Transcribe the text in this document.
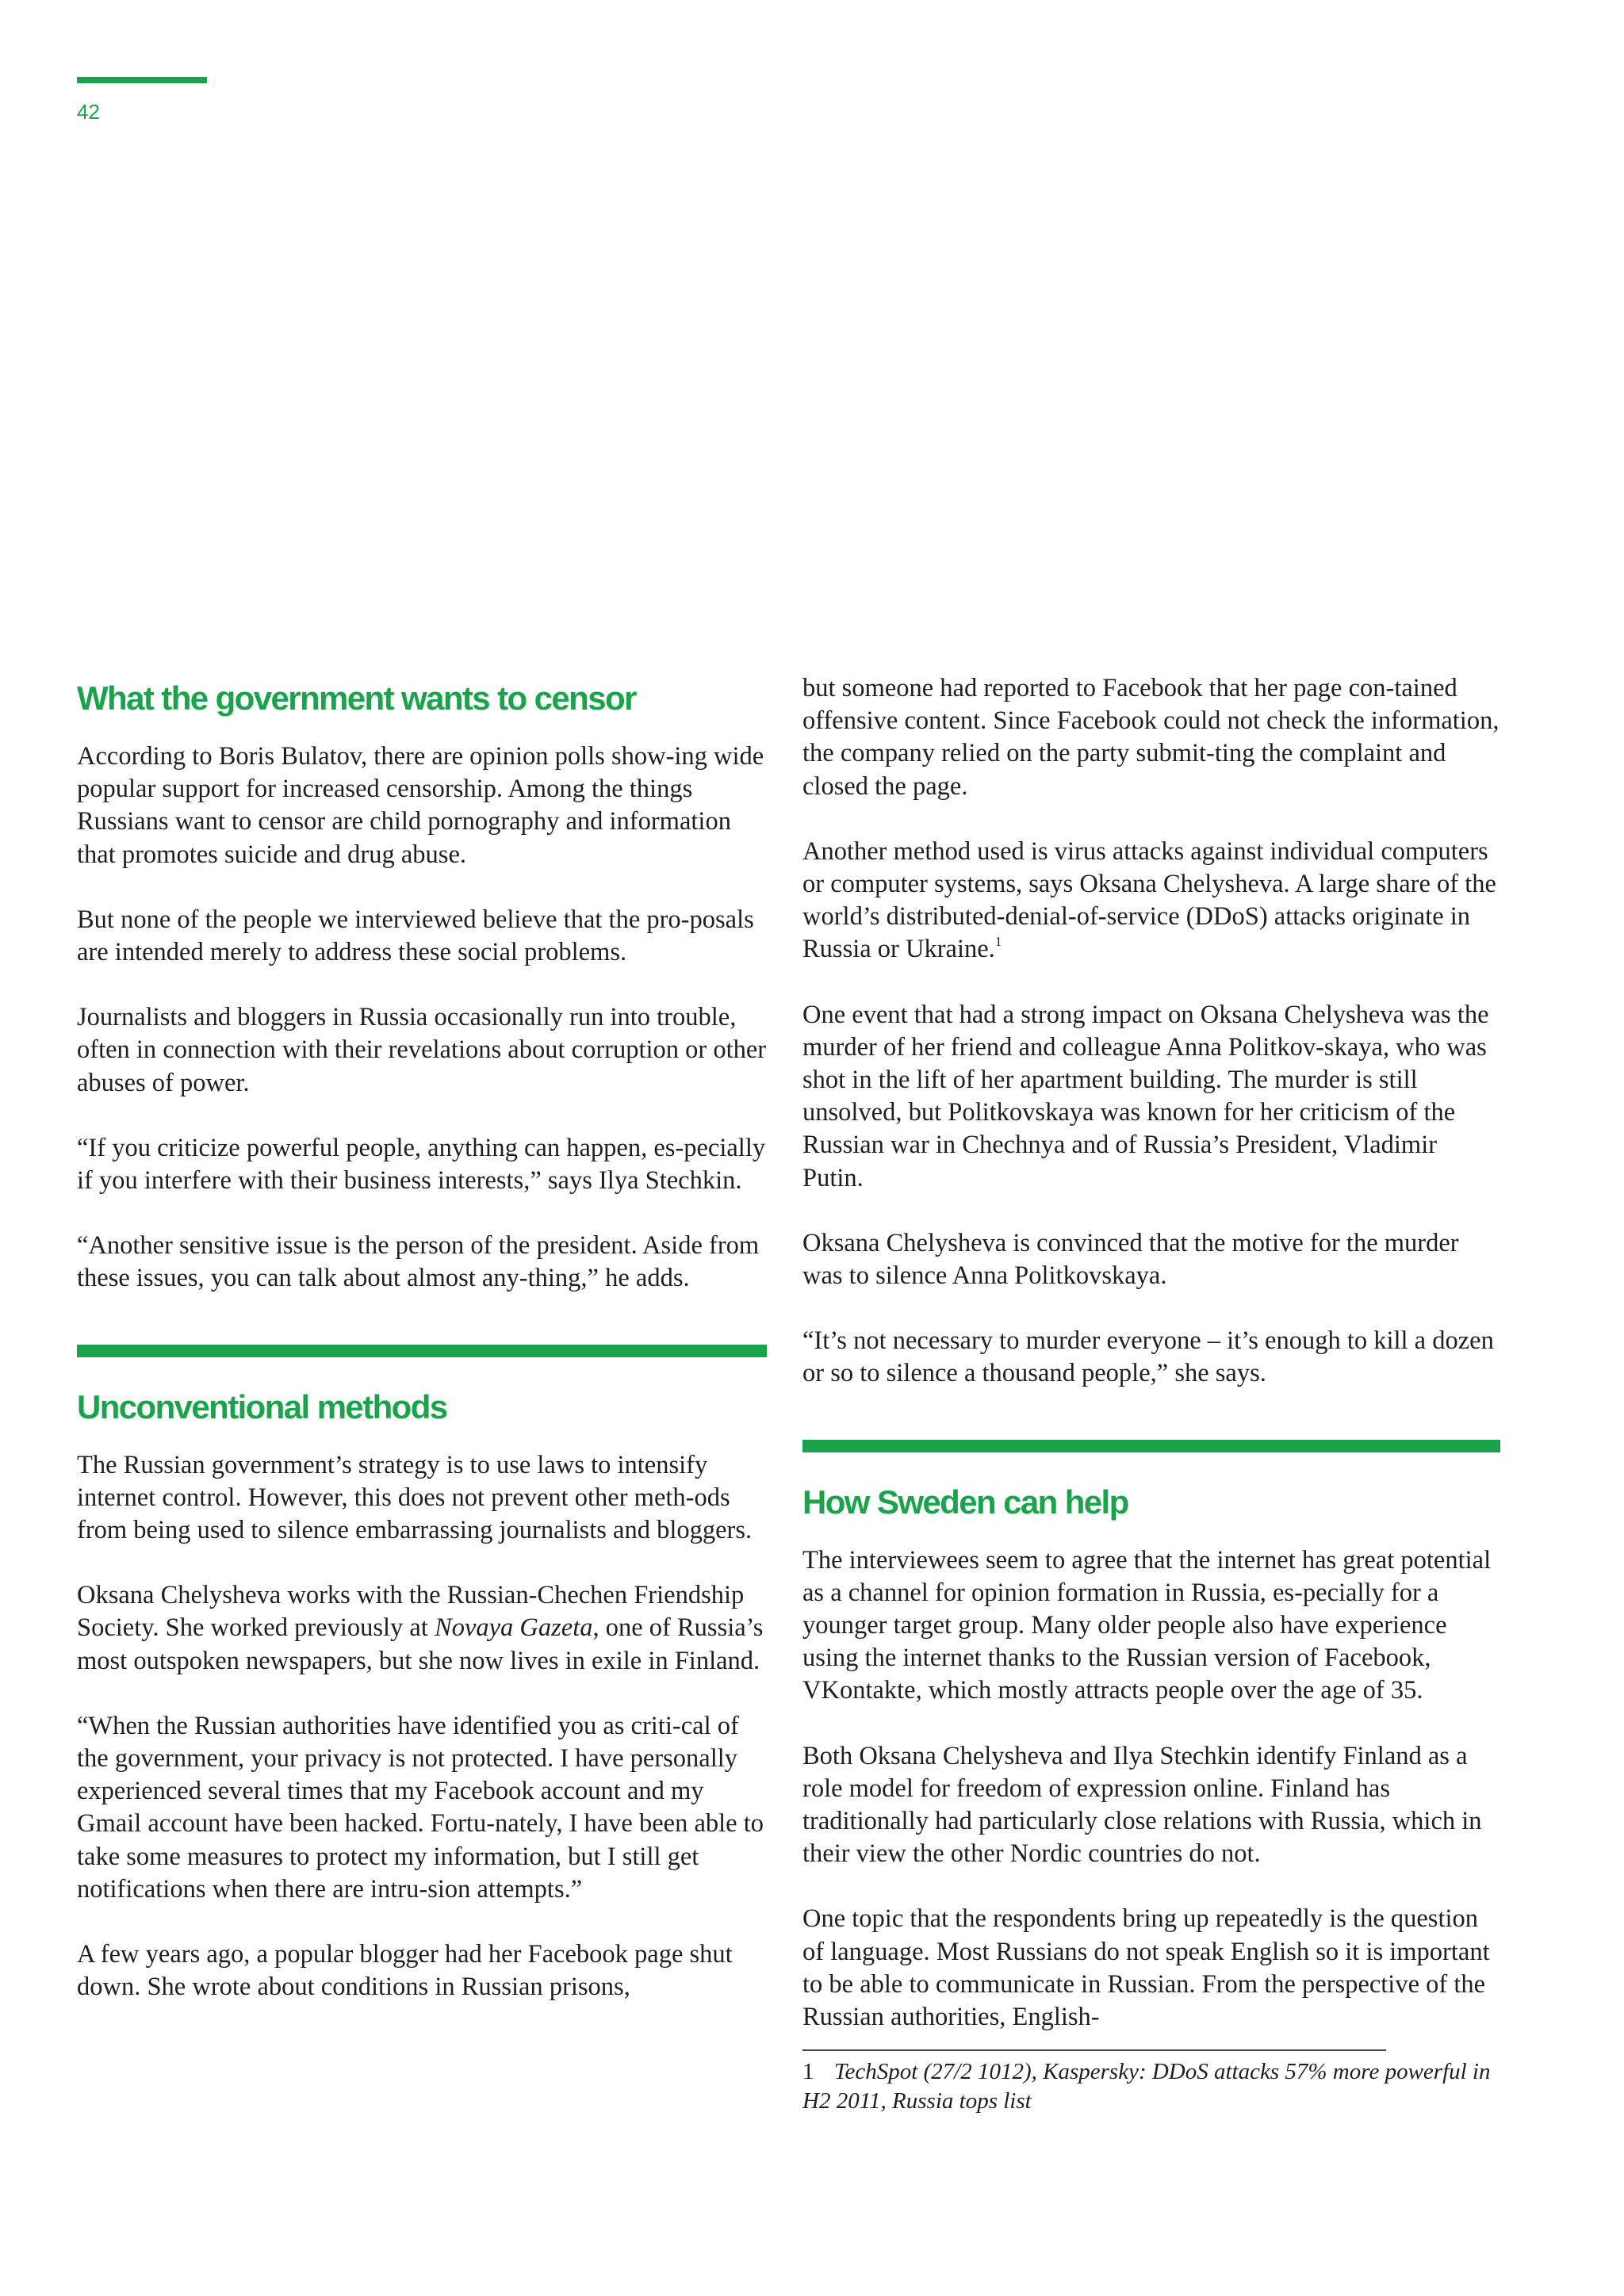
42
What the government wants to censor

According to Boris Bulatov, there are opinion polls show-ing wide popular support for increased censorship. Among the things Russians want to censor are child pornography and information that promotes suicide and drug abuse.

But none of the people we interviewed believe that the pro-posals are intended merely to address these social problems.

Journalists and bloggers in Russia occasionally run into trouble, often in connection with their revelations about corruption or other abuses of power.

“If you criticize powerful people, anything can happen, es-pecially if you interfere with their business interests,” says Ilya Stechkin.

“Another sensitive issue is the person of the president. Aside from these issues, you can talk about almost any-thing,” he adds.

Unconventional methods

The Russian government’s strategy is to use laws to intensify internet control. However, this does not prevent other meth-ods from being used to silence embarrassing journalists and bloggers.

Oksana Chelysheva works with the Russian-Chechen Friendship Society. She worked previously at Novaya Gazeta, one of Russia’s most outspoken newspapers, but she now lives in exile in Finland.

“When the Russian authorities have identified you as criti-cal of the government, your privacy is not protected. I have personally experienced several times that my Facebook account and my Gmail account have been hacked. Fortu-nately, I have been able to take some measures to protect my information, but I still get notifications when there are intru-sion attempts.”

A few years ago, a popular blogger had her Facebook page shut down. She wrote about conditions in Russian prisons,

but someone had reported to Facebook that her page con-tained offensive content. Since Facebook could not check the information, the company relied on the party submit-ting the complaint and closed the page.

Another method used is virus attacks against individual computers or computer systems, says Oksana Chelysheva. A large share of the world’s distributed-denial-of-service (DDoS) attacks originate in Russia or Ukraine.$^1$

One event that had a strong impact on Oksana Chelysheva was the murder of her friend and colleague Anna Politkov-skaya, who was shot in the lift of her apartment building. The murder is still unsolved, but Politkovskaya was known for her criticism of the Russian war in Chechnya and of Russia’s President, Vladimir Putin.

Oksana Chelysheva is convinced that the motive for the murder was to silence Anna Politkovskaya.

“It’s not necessary to murder everyone – it’s enough to kill a dozen or so to silence a thousand people,” she says.

How Sweden can help

The interviewees seem to agree that the internet has great potential as a channel for opinion formation in Russia, es-pecially for a younger target group. Many older people also have experience using the internet thanks to the Russian version of Facebook, VKontakte, which mostly attracts people over the age of 35.

Both Oksana Chelysheva and Ilya Stechkin identify Finland as a role model for freedom of expression online. Finland has traditionally had particularly close relations with Russia, which in their view the other Nordic countries do not.

One topic that the respondents bring up repeatedly is the question of language. Most Russians do not speak English so it is important to be able to communicate in Russian. From the perspective of the Russian authorities, English-

1 TechSpot (27/2 1012), Kaspersky: DDoS attacks 57% more powerful in H2 2011, Russia tops list
